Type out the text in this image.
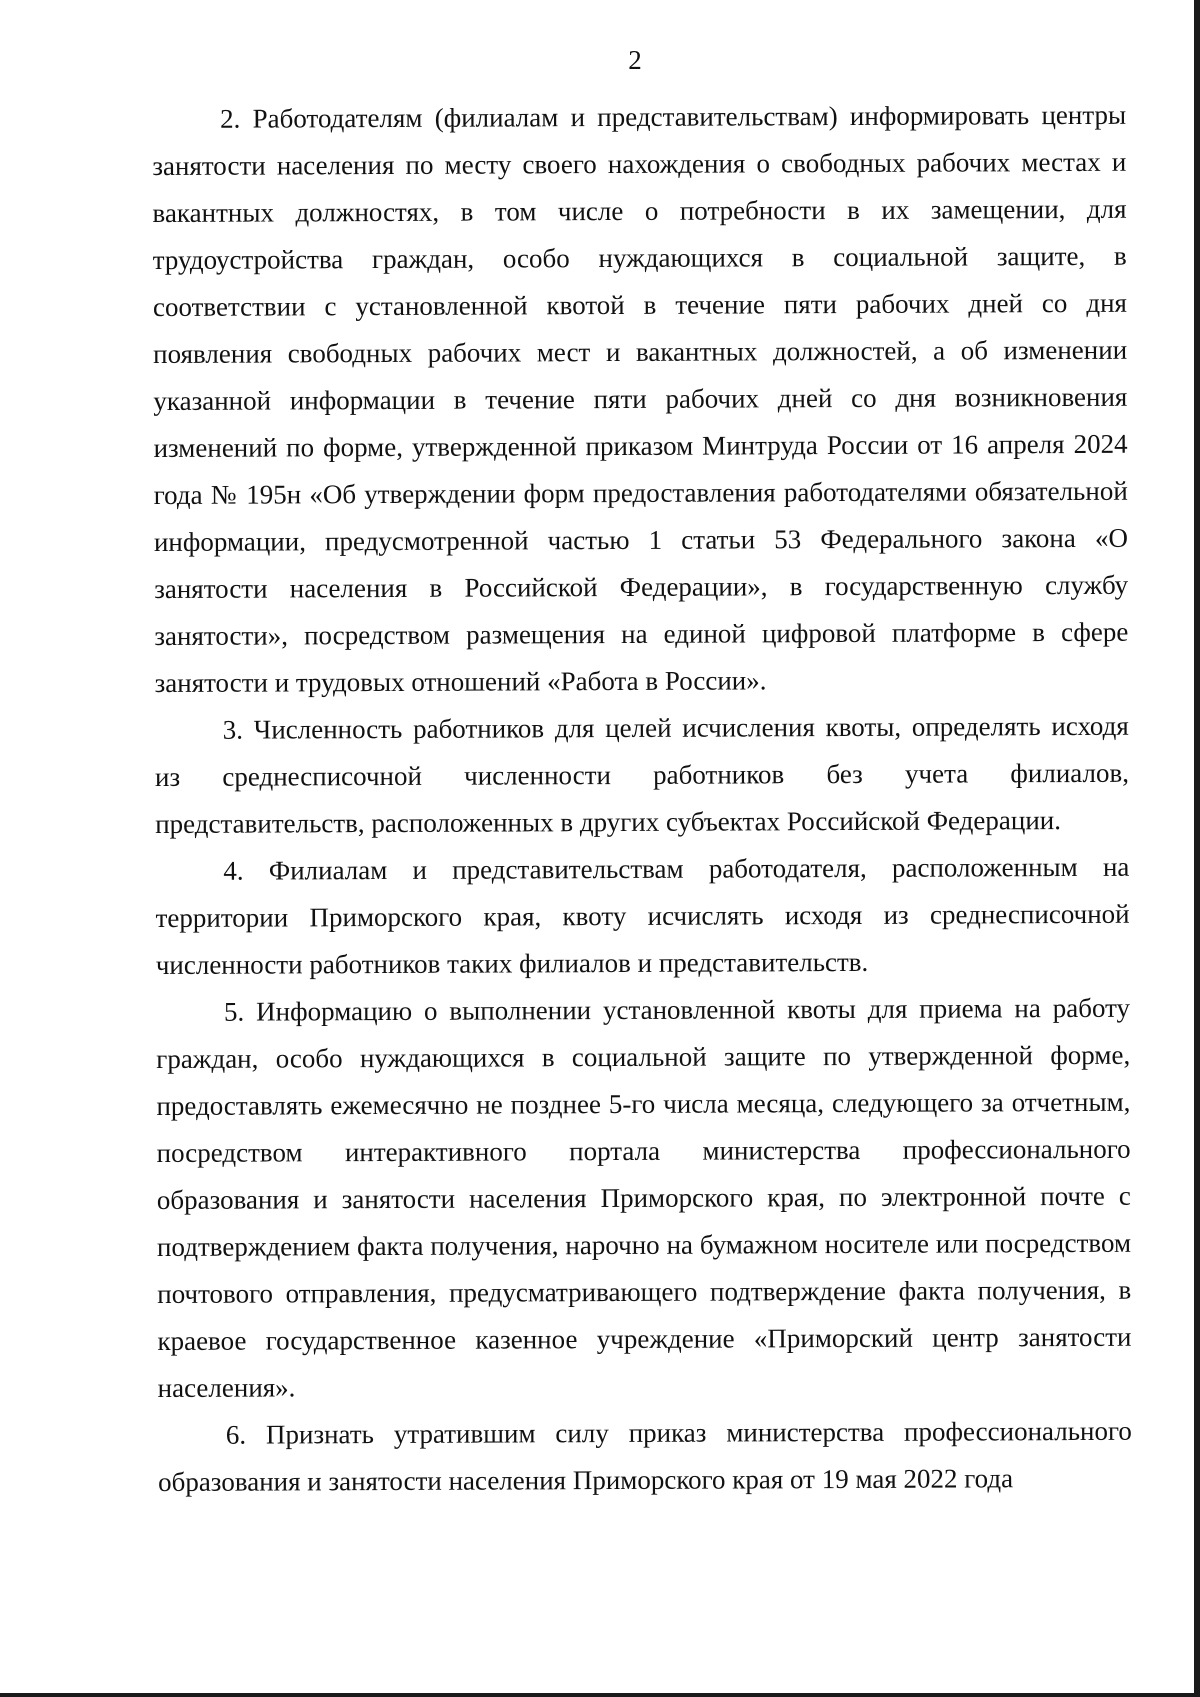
2

2. Работодателям (филиалам и представительствам) информировать центры занятости населения по месту своего нахождения о свободных рабочих местах и вакантных должностях, в том числе о потребности в их замещении, для трудоустройства граждан, особо нуждающихся в социальной защите, в соответствии с установленной квотой в течение пяти рабочих дней со дня появления свободных рабочих мест и вакантных должностей, а об изменении указанной информации в течение пяти рабочих дней со дня возникновения изменений по форме, утвержденной приказом Минтруда России от 16 апреля 2024 года № 195н «Об утверждении форм предоставления работодателями обязательной информации, предусмотренной частью 1 статьи 53 Федерального закона «О занятости населения в Российской Федерации», в государственную службу занятости», посредством размещения на единой цифровой платформе в сфере занятости и трудовых отношений «Работа в России».

3. Численность работников для целей исчисления квоты, определять исходя из среднесписочной численности работников без учета филиалов, представительств, расположенных в других субъектах Российской Федерации.

4. Филиалам и представительствам работодателя, расположенным на территории Приморского края, квоту исчислять исходя из среднесписочной численности работников таких филиалов и представительств.

5. Информацию о выполнении установленной квоты для приема на работу граждан, особо нуждающихся в социальной защите по утвержденной форме, предоставлять ежемесячно не позднее 5-го числа месяца, следующего за отчетным, посредством интерактивного портала министерства профессионального образования и занятости населения Приморского края, по электронной почте с подтверждением факта получения, нарочно на бумажном носителе или посредством почтового отправления, предусматривающего подтверждение факта получения, в краевое государственное казенное учреждение «Приморский центр занятости населения».

6. Признать утратившим силу приказ министерства профессионального образования и занятости населения Приморского края от 19 мая 2022 года
